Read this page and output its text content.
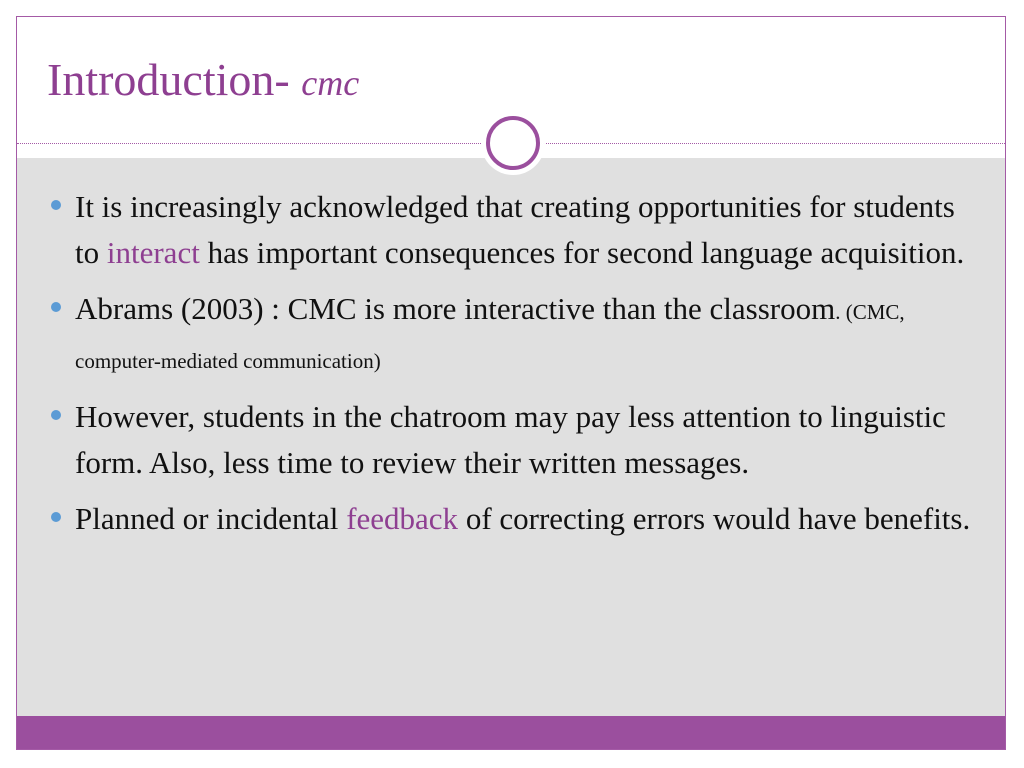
Introduction- cmc
It is increasingly acknowledged that creating opportunities for students to interact has important consequences for second language acquisition.
Abrams (2003) : CMC is more interactive than the classroom. (CMC, computer-mediated communication)
However, students in the chatroom may pay less attention to linguistic form. Also, less time to review their written messages.
Planned or incidental feedback of correcting errors would have benefits.
